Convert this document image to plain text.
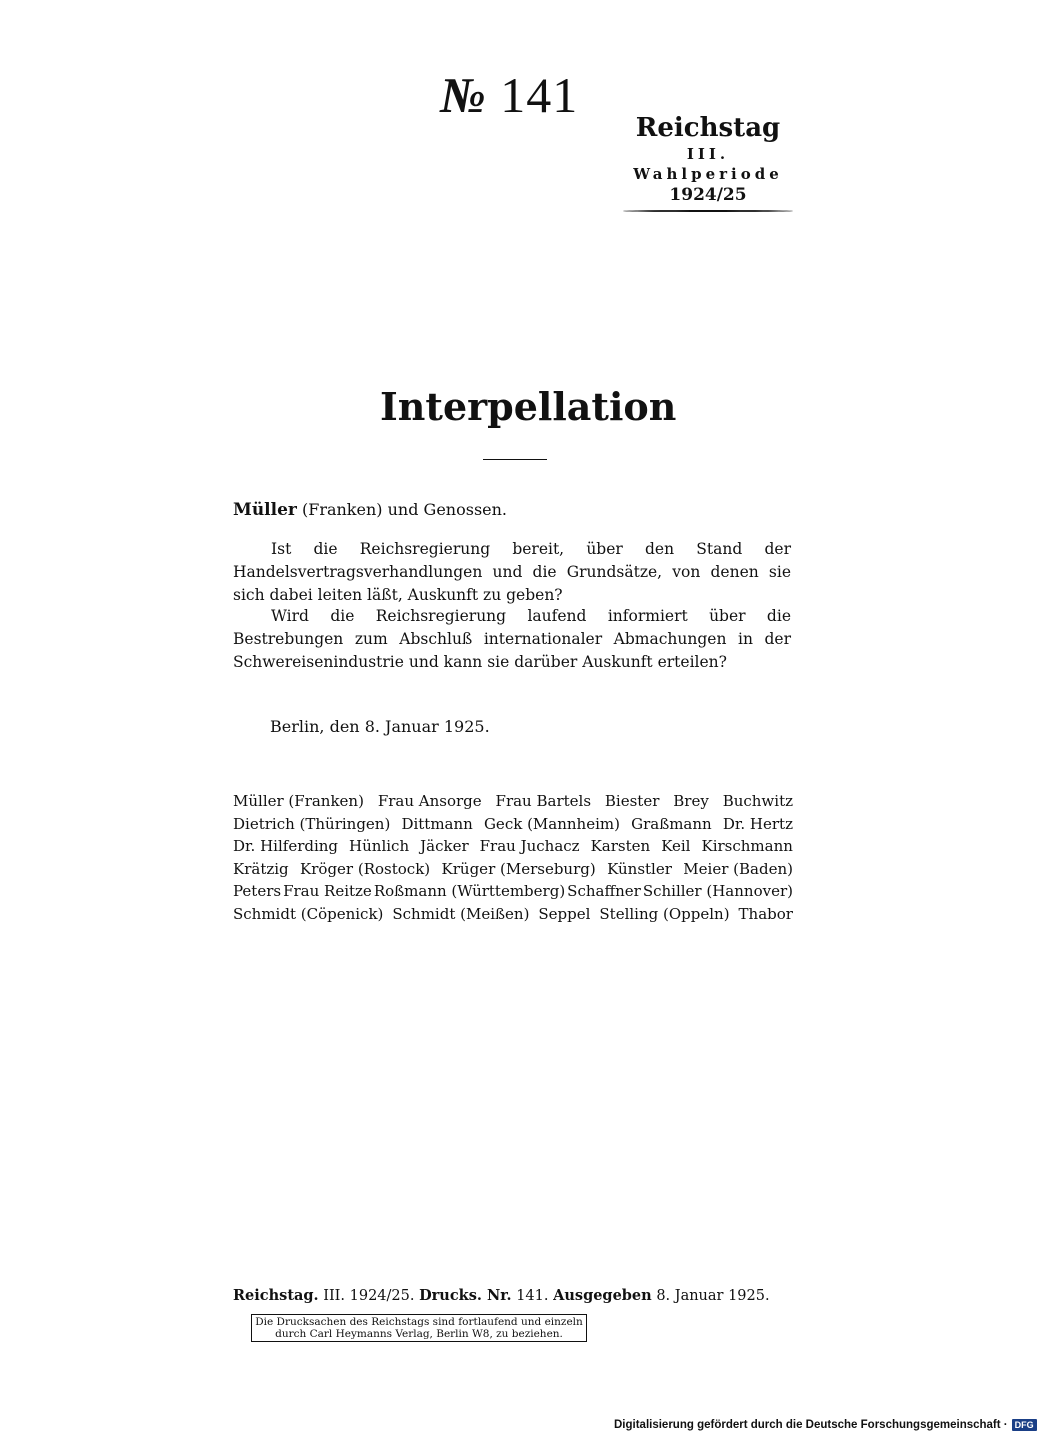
№ 141
Reichstag
III. Wahlperiode
1924/25
Interpellation
Müller (Franken) und Genossen.
Ist die Reichsregierung bereit, über den Stand der Handelsvertragsverhandlungen und die Grundsätze, von denen sie sich dabei leiten läßt, Auskunft zu geben?
Wird die Reichsregierung laufend informiert über die Bestrebungen zum Abschluß internationaler Abmachungen in der Schwereisenindustrie und kann sie darüber Auskunft erteilen?
Berlin, den 8. Januar 1925.
Müller (Franken) Frau Ansorge Frau Bartels Biester Brey Buchwitz
Dietrich (Thüringen) Dittmann Geck (Mannheim) Graßmann Dr. Hertz
Dr. Hilferding Hünlich Jäcker Frau Juchacz Karsten Keil Kirschmann
Krätzig Kröger (Rostock) Krüger (Merseburg) Künstler Meier (Baden)
Peters Frau Reitze Roßmann (Württemberg) Schaffner Schiller (Hannover)
Schmidt (Cöpenick) Schmidt (Meißen) Seppel Stelling (Oppeln) Thabor
Reichstag. III. 1924/25. Drucks. Nr. 141. Ausgegeben 8. Januar 1925.
Die Drucksachen des Reichstags sind fortlaufend und einzeln
durch Carl Heymanns Verlag, Berlin W8, zu beziehen.
Digitalisierung gefördert durch die Deutsche Forschungsgemeinschaft · DFG
